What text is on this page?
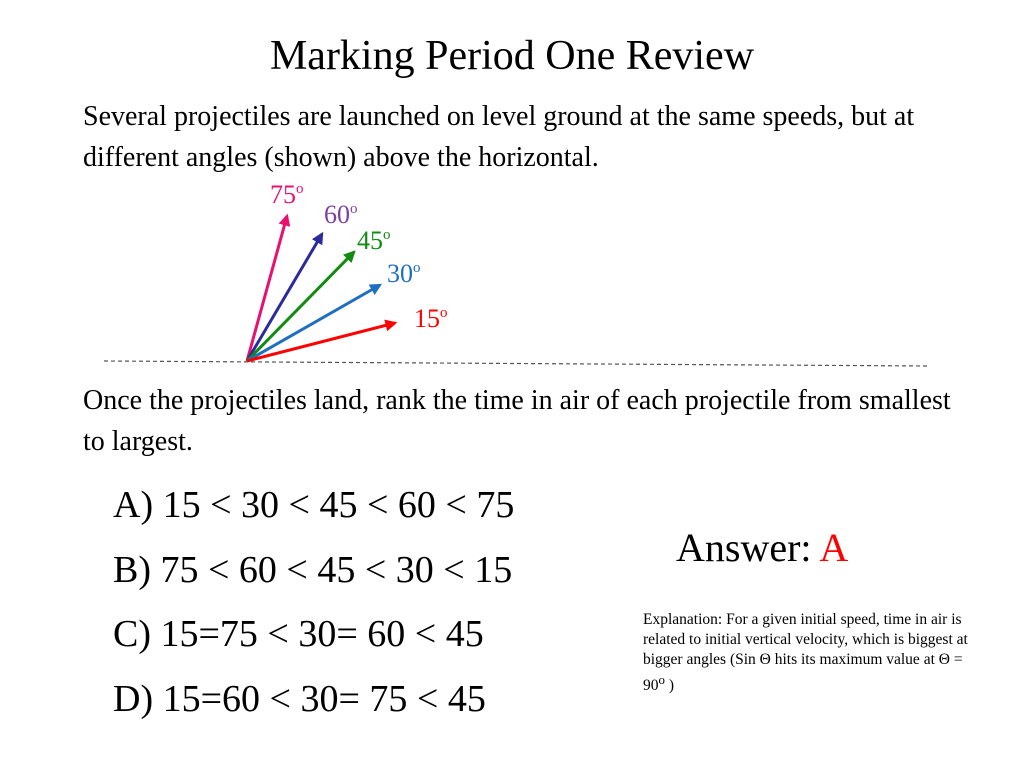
Marking Period One Review
Several projectiles are launched on level ground at the same speeds, but at different angles (shown) above the horizontal.
75$^o$
60$^o$
45$^o$
30$^o$
15$^o$
Once the projectiles land, rank the time in air of each projectile from smallest to largest.
A) 15 < 30 < 45 < 60 < 75
B) 75 < 60 < 45 < 30 < 15
C) 15=75 < 30= 60 < 45
D) 15=60 < 30= 75 < 45
Answer: A
Explanation: For a given initial speed, time in air is related to initial vertical velocity, which is biggest at bigger angles (Sin Θ hits its maximum value at $\Theta = 90^o$ )
